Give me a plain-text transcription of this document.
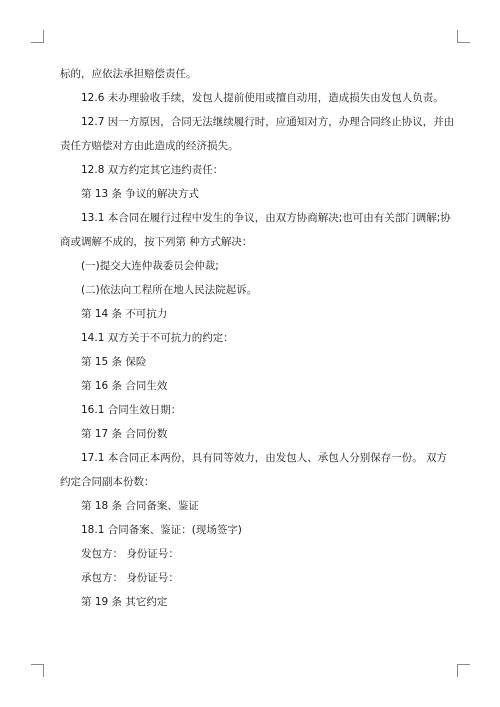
标的，应依法承担赔偿责任。

12.6 未办理验收手续，发包人提前使用或擅自动用，造成损失由发包人负责。

12.7 因一方原因，合同无法继续履行时，应通知对方，办理合同终止协议，并由

责任方赔偿对方由此造成的经济损失。

12.8 双方约定其它违约责任：

第 13 条 争议的解决方式

13.1 本合同在履行过程中发生的争议，由双方协商解决;也可由有关部门调解;协

商或调解不成的，按下列第 种方式解决：

(一)提交大连仲裁委员会仲裁;

(二)依法向工程所在地人民法院起诉。

第 14 条 不可抗力

14.1 双方关于不可抗力的约定：

第 15 条 保险

第 16 条 合同生效

16.1 合同生效日期：

第 17 条 合同份数

17.1 本合同正本两份，具有同等效力，由发包人、承包人分别保存一份。 双方

约定合同副本份数：

第 18 条 合同备案、鉴证

18.1 合同备案、鉴证：(现场签字)

发包方： 身份证号：

承包方： 身份证号：

第 19 条 其它约定
